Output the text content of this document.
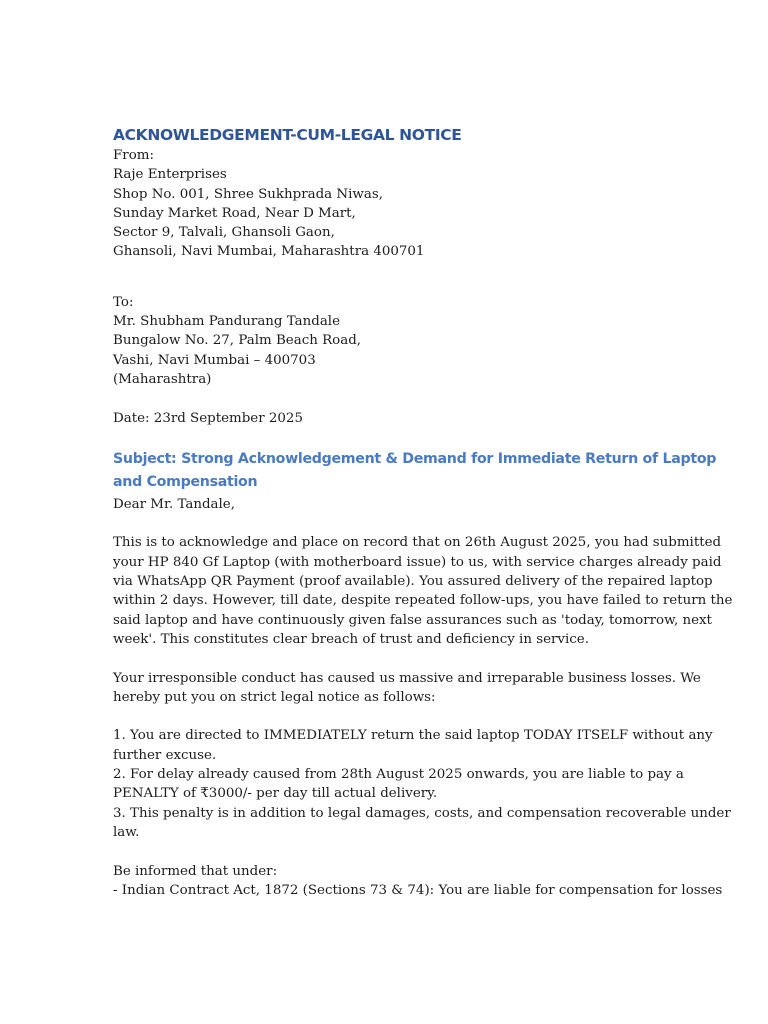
ACKNOWLEDGEMENT-CUM-LEGAL NOTICE
From:
Raje Enterprises
Shop No. 001, Shree Sukhprada Niwas,
Sunday Market Road, Near D Mart,
Sector 9, Talvali, Ghansoli Gaon,
Ghansoli, Navi Mumbai, Maharashtra 400701
To:
Mr. Shubham Pandurang Tandale
Bungalow No. 27, Palm Beach Road,
Vashi, Navi Mumbai – 400703
(Maharashtra)
Date: 23rd September 2025
Subject: Strong Acknowledgement & Demand for Immediate Return of Laptop
and Compensation
Dear Mr. Tandale,
This is to acknowledge and place on record that on 26th August 2025, you had submitted
your HP 840 Gf Laptop (with motherboard issue) to us, with service charges already paid
via WhatsApp QR Payment (proof available). You assured delivery of the repaired laptop
within 2 days. However, till date, despite repeated follow-ups, you have failed to return the
said laptop and have continuously given false assurances such as 'today, tomorrow, next
week'. This constitutes clear breach of trust and deficiency in service.
Your irresponsible conduct has caused us massive and irreparable business losses. We
hereby put you on strict legal notice as follows:
1. You are directed to IMMEDIATELY return the said laptop TODAY ITSELF without any
further excuse.
2. For delay already caused from 28th August 2025 onwards, you are liable to pay a
PENALTY of ₹3000/- per day till actual delivery.
3. This penalty is in addition to legal damages, costs, and compensation recoverable under
law.
Be informed that under:
- Indian Contract Act, 1872 (Sections 73 & 74): You are liable for compensation for losses
